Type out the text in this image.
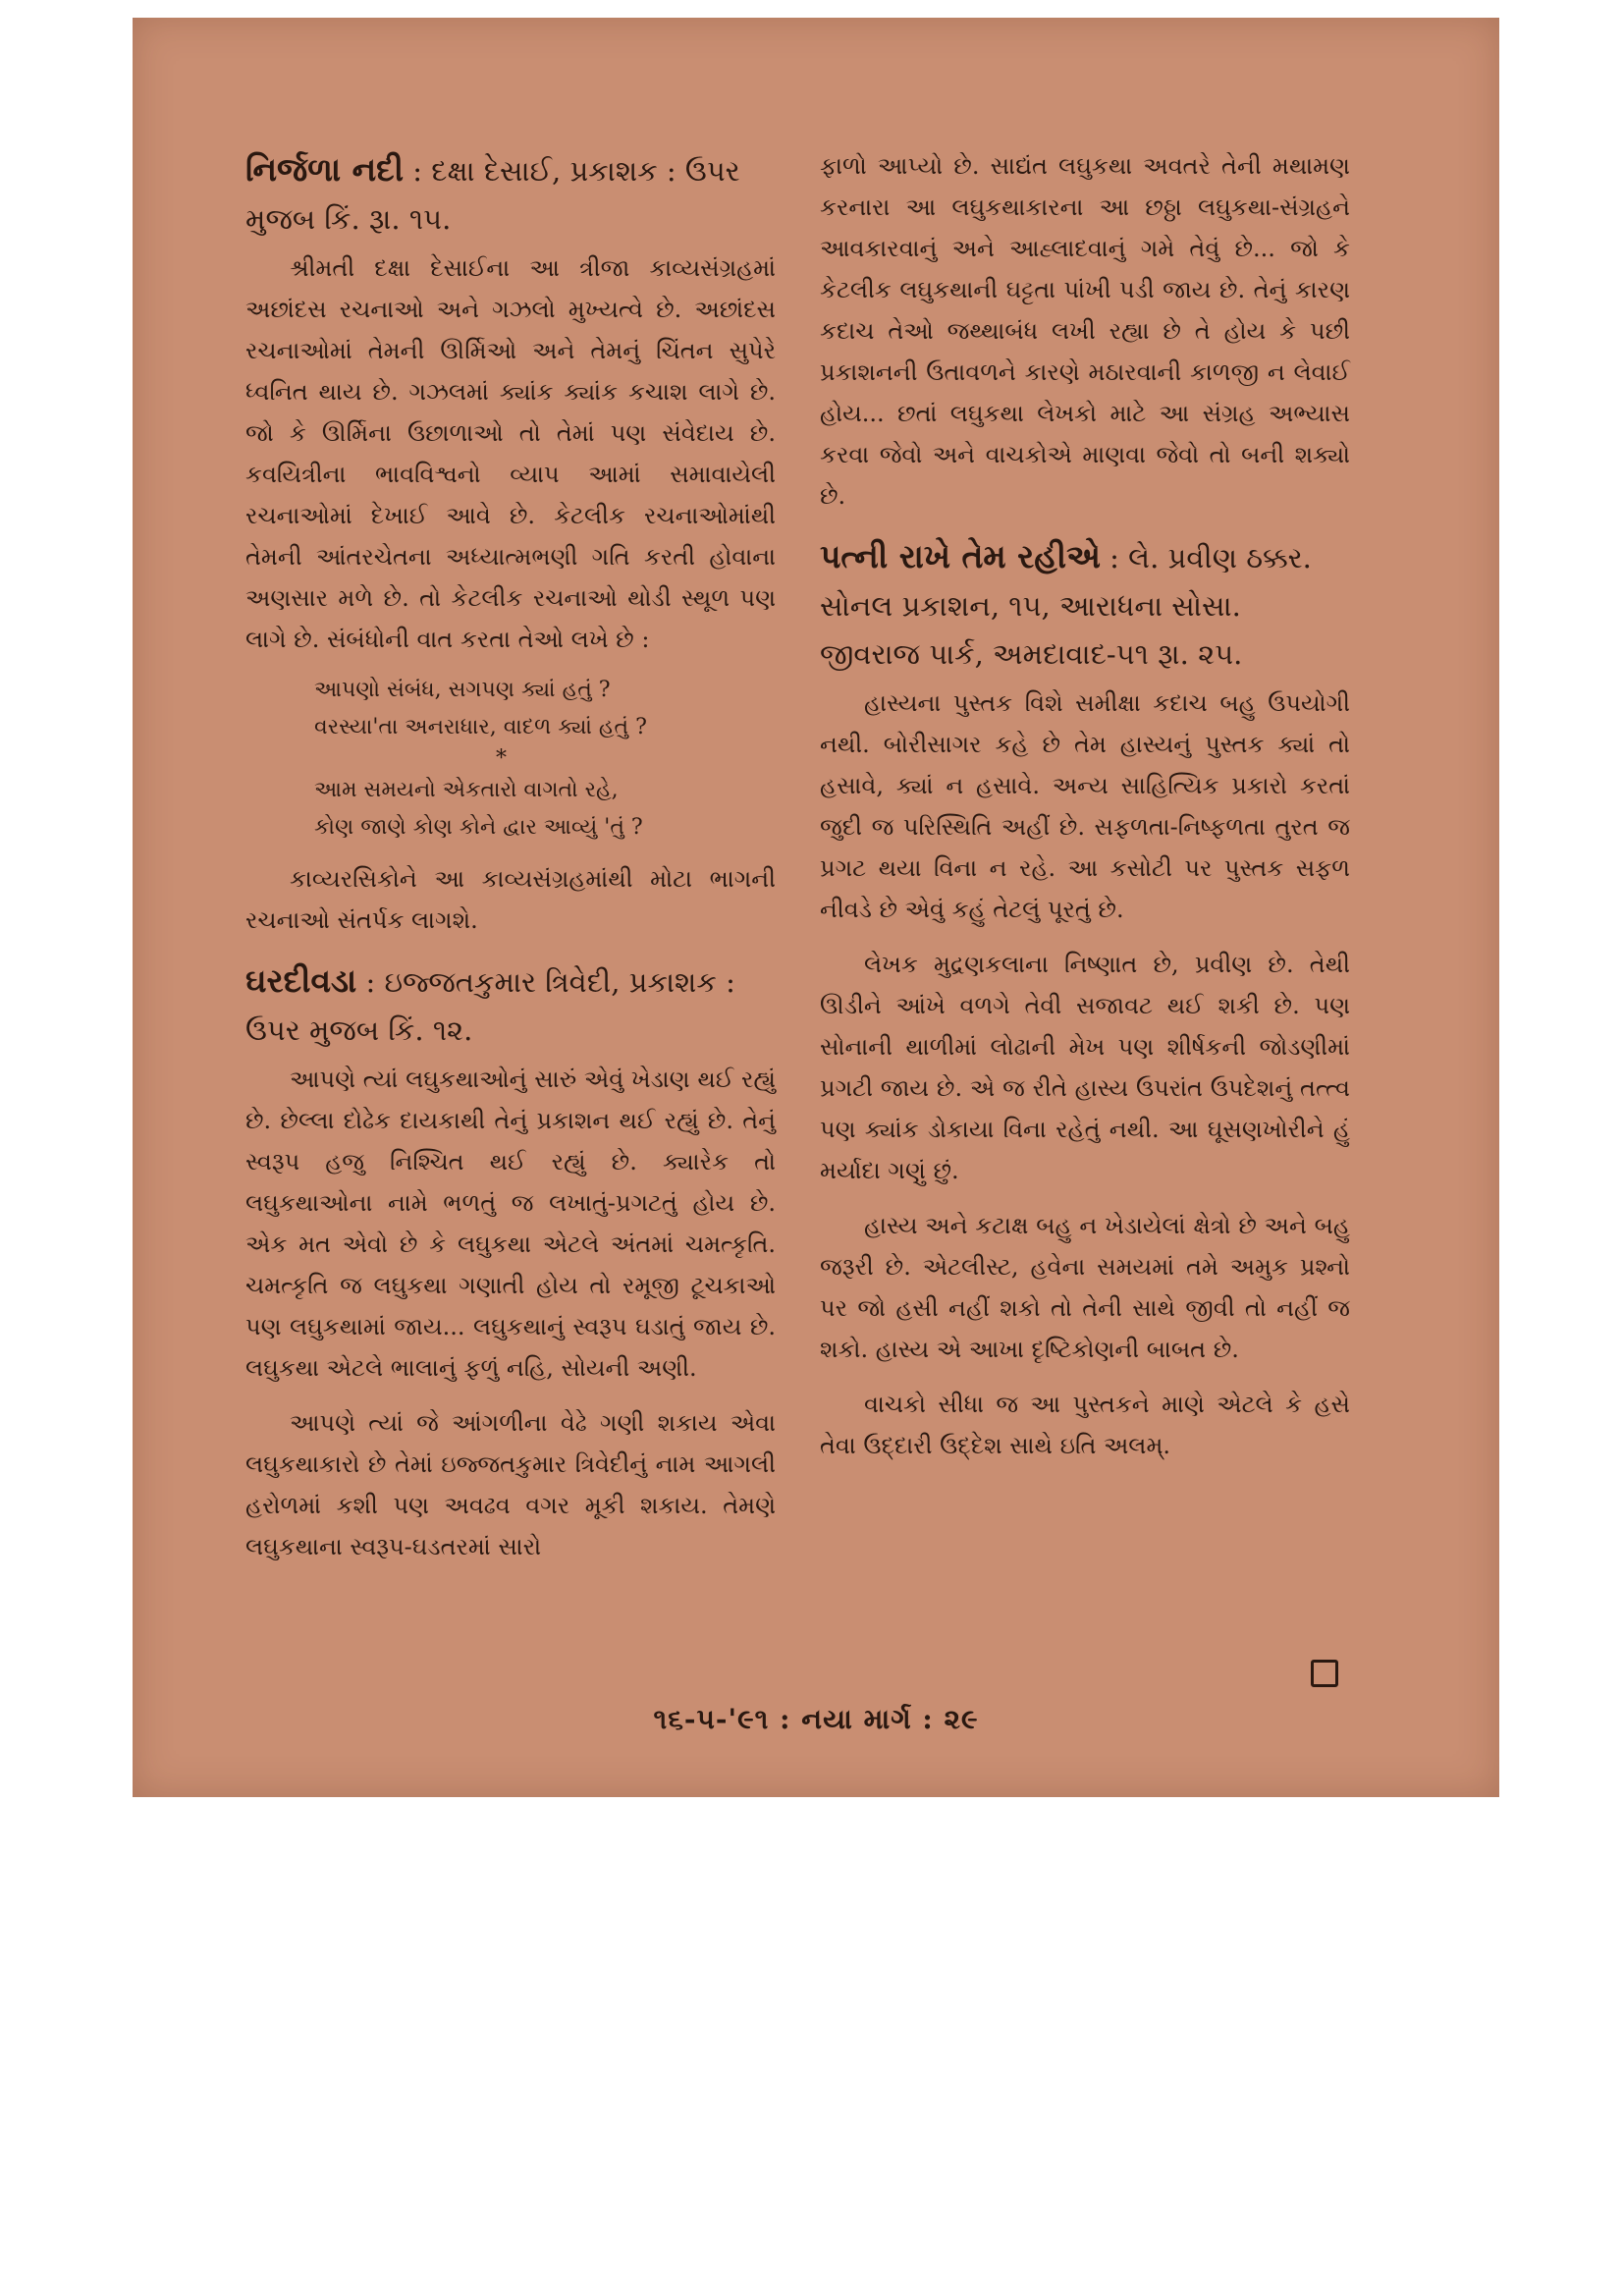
નિર્જળા નદી : દક્ષા દેસાઈ, પ્રકાશક : ઉપર મુજબ કિં. રૂા. ૧૫.

શ્રીમતી દક્ષા દેસાઈના આ ત્રીજા કાવ્યસંગ્રહમાં અછાંદસ રચનાઓ અને ગઝલો મુખ્યત્વે છે. અછાંદસ રચનાઓમાં તેમની ઊર્મિઓ અને તેમનું ચિંતન સુપેરે ધ્વનિત થાય છે. ગઝલમાં ક્યાંક ક્યાંક કચાશ લાગે છે. જો કે ઊર્મિના ઉછાળાઓ તો તેમાં પણ સંવેદાય છે. કવયિત્રીના ભાવવિશ્વનો વ્યાપ આમાં સમાવાયેલી રચનાઓમાં દેખાઈ આવે છે. કેટલીક રચનાઓમાંથી તેમની આંતરચેતના અધ્યાત્મભણી ગતિ કરતી હોવાના અણસાર મળે છે. તો કેટલીક રચનાઓ થોડી સ્થૂળ પણ લાગે છે. સંબંધોની વાત કરતા તેઓ લખે છે :

આપણો સંબંધ, સગપણ ક્યાં હતું ?
વરસ્યા'તા અનરાધાર, વાદળ ક્યાં હતું ?
*
આમ સમયનો એકતારો વાગતો રહે,
કોણ જાણે કોણ કોને દ્વાર આવ્યું 'તું ?

કાવ્યરસિકોને આ કાવ્યસંગ્રહમાંથી મોટા ભાગની રચનાઓ સંતર્પક લાગશે.

ઘરદીવડા : ઇજ્જતકુમાર ત્રિવેદી, પ્રકાશક : ઉપર મુજબ કિં. ૧૨.

આપણે ત્યાં લઘુકથાઓનું સારું એવું ખેડાણ થઈ રહ્યું છે. છેલ્લા દોઢેક દાયકાથી તેનું પ્રકાશન થઈ રહ્યું છે. તેનું સ્વરૂપ હજુ નિશ્ચિત થઈ રહ્યું છે. ક્યારેક તો લઘુકથાઓના નામે ભળતું જ લખાતું-પ્રગટતું હોય છે. એક મત એવો છે કે લઘુકથા એટલે અંતમાં ચમત્કૃતિ. ચમત્કૃતિ જ લઘુકથા ગણાતી હોય તો રમૂજી ટૂચકાઓ પણ લઘુકથામાં જાય... લઘુકથાનું સ્વરૂપ ઘડાતું જાય છે. લઘુકથા એટલે ભાલાનું ફળું નહિ, સોયની અણી.

આપણે ત્યાં જે આંગળીના વેઢે ગણી શકાય એવા લઘુકથાકારો છે તેમાં ઇજ્જતકુમાર ત્રિવેદીનું નામ આગલી હરોળમાં કશી પણ અવઢવ વગર મૂકી શકાય. તેમણે લઘુકથાના સ્વરૂપ-ઘડતરમાં સારો

ફાળો આપ્યો છે. સાદ્યંત લઘુકથા અવતરે તેની મથામણ કરનારા આ લઘુકથાકારના આ છઠ્ઠા લઘુકથા-સંગ્રહને આવકારવાનું અને આહ્લાદવાનું ગમે તેવું છે... જો કે કેટલીક લઘુકથાની ઘટ્ટતા પાંખી પડી જાય છે. તેનું કારણ કદાચ તેઓ જથ્થાબંધ લખી રહ્યા છે તે હોય કે પછી પ્રકાશનની ઉતાવળને કારણે મઠારવાની કાળજી ન લેવાઈ હોય... છતાં લઘુકથા લેખકો માટે આ સંગ્રહ અભ્યાસ કરવા જેવો અને વાચકોએ માણવા જેવો તો બની શક્યો છે.

પત્ની રાખે તેમ રહીએ : લે. પ્રવીણ ઠક્કર. સોનલ પ્રકાશન, ૧૫, આરાધના સોસા. જીવરાજ પાર્ક, અમદાવાદ-૫૧ રૂા. ૨૫.

હાસ્યના પુસ્તક વિશે સમીક્ષા કદાચ બહુ ઉપયોગી નથી. બોરીસાગર કહે છે તેમ હાસ્યનું પુસ્તક ક્યાં તો હસાવે, ક્યાં ન હસાવે. અન્ય સાહિત્યિક પ્રકારો કરતાં જુદી જ પરિસ્થિતિ અહીં છે. સફળતા-નિષ્ફળતા તુરત જ પ્રગટ થયા વિના ન રહે. આ કસોટી પર પુસ્તક સફળ નીવડે છે એવું કહું તેટલું પૂરતું છે.

લેખક મુદ્રણકલાના નિષ્ણાત છે, પ્રવીણ છે. તેથી ઊડીને આંખે વળગે તેવી સજાવટ થઈ શકી છે. પણ સોનાની થાળીમાં લોઢાની મેખ પણ શીર્ષકની જોડણીમાં પ્રગટી જાય છે. એ જ રીતે હાસ્ય ઉપરાંત ઉપદેશનું તત્ત્વ પણ ક્યાંક ડોકાયા વિના રહેતું નથી. આ ઘૂસણખોરીને હું મર્યાદા ગણું છું.

હાસ્ય અને કટાક્ષ બહુ ન ખેડાયેલાં ક્ષેત્રો છે અને બહુ જરૂરી છે. એટલીસ્ટ, હવેના સમયમાં તમે અમુક પ્રશ્નો પર જો હસી નહીં શકો તો તેની સાથે જીવી તો નહીં જ શકો. હાસ્ય એ આખા દૃષ્ટિકોણની બાબત છે.

વાચકો સીધા જ આ પુસ્તકને માણે એટલે કે હસે તેવા ઉદ્દારી ઉદ્દેશ સાથે ઇતિ અલમ્.

૧૬-૫-'૯૧ : નયા માર્ગ : ૨૯
